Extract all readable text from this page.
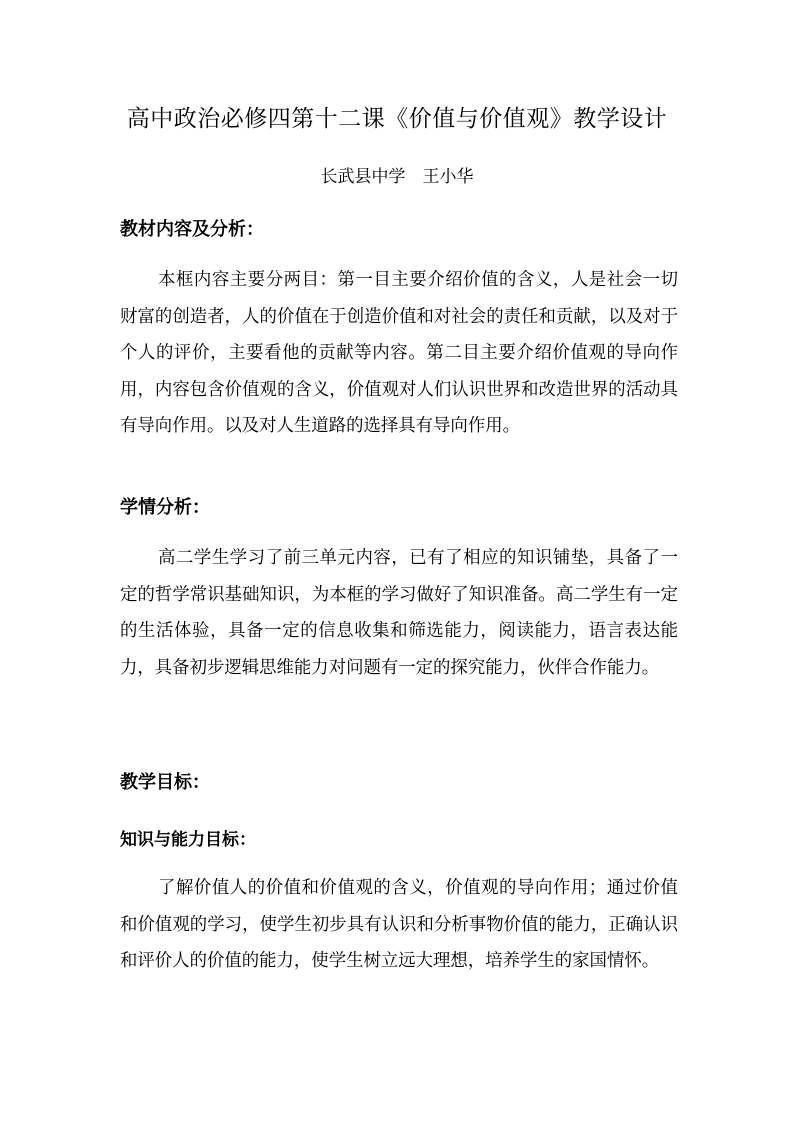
高中政治必修四第十二课《价值与价值观》教学设计
长武县中学　王小华
教材内容及分析：
本框内容主要分两目：第一目主要介绍价值的含义，人是社会一切财富的创造者，人的价值在于创造价值和对社会的责任和贡献，以及对于个人的评价，主要看他的贡献等内容。第二目主要介绍价值观的导向作用，内容包含价值观的含义，价值观对人们认识世界和改造世界的活动具有导向作用。以及对人生道路的选择具有导向作用。
学情分析：
高二学生学习了前三单元内容，已有了相应的知识铺垫，具备了一定的哲学常识基础知识，为本框的学习做好了知识准备。高二学生有一定的生活体验，具备一定的信息收集和筛选能力，阅读能力，语言表达能力，具备初步逻辑思维能力对问题有一定的探究能力，伙伴合作能力。
教学目标：
知识与能力目标：
了解价值人的价值和价值观的含义，价值观的导向作用；通过价值和价值观的学习，使学生初步具有认识和分析事物价值的能力，正确认识和评价人的价值的能力，使学生树立远大理想，培养学生的家国情怀。
